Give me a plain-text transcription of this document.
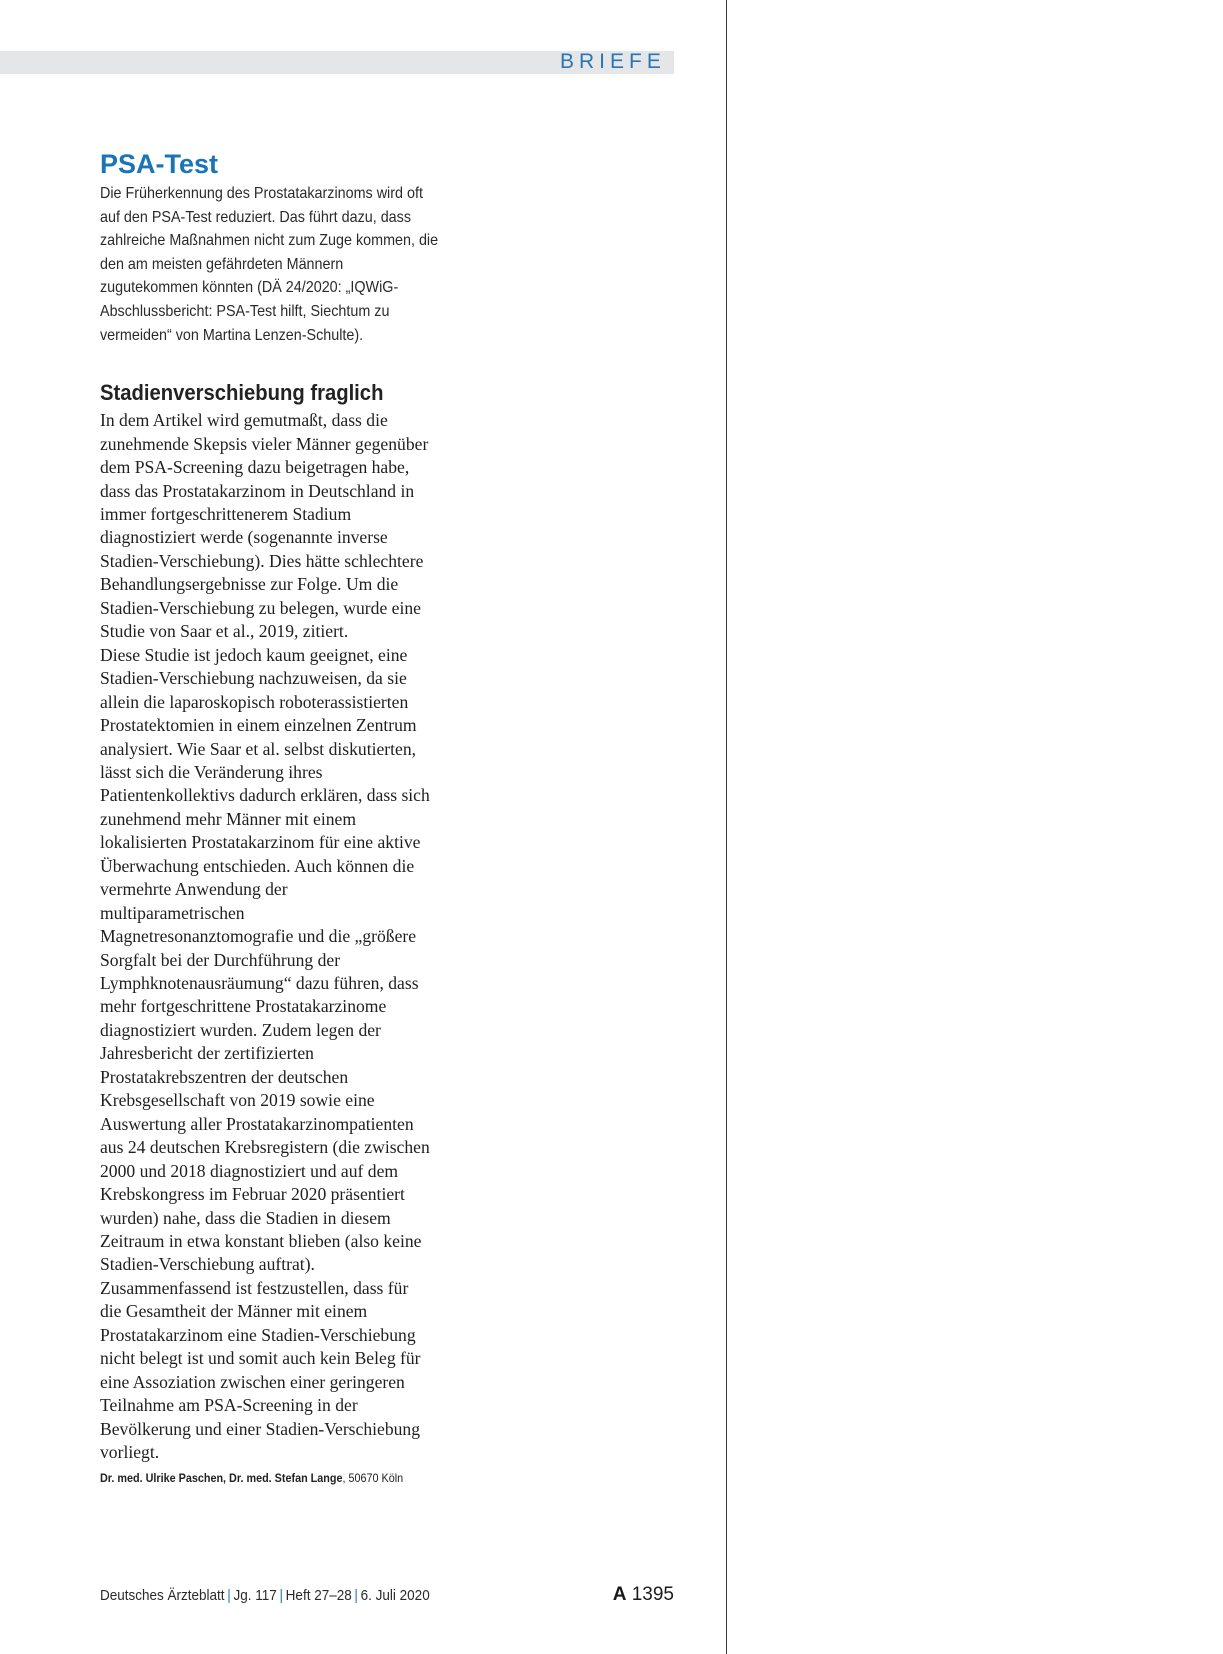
BRIEFE
PSA-Test

Die Früherkennung des Prostatakarzinoms wird oft auf den PSA-Test reduziert. Das führt dazu, dass zahlreiche Maßnahmen nicht zum Zuge kommen, die den am meisten gefährdeten Männern zugutekommen könnten (DÄ 24/2020: „IQWiG-Abschlussbericht: PSA-Test hilft, Siechtum zu vermeiden“ von Martina Lenzen-Schulte).

Stadienverschiebung fraglich

In dem Artikel wird gemutmaßt, dass die zunehmende Skepsis vieler Männer gegenüber dem PSA-Screening dazu beigetragen habe, dass das Prostatakarzinom in Deutschland in immer fortgeschrittenerem Stadium diagnostiziert werde (sogenannte inverse Stadien-Verschiebung). Dies hätte schlechtere Behandlungsergebnisse zur Folge. Um die Stadien-Verschiebung zu belegen, wurde eine Studie von Saar et al., 2019, zitiert.

Diese Studie ist jedoch kaum geeignet, eine Stadien-Verschiebung nachzuweisen, da sie allein die laparoskopisch roboterassistierten Prostatektomien in einem einzelnen Zentrum analysiert. Wie Saar et al. selbst diskutierten, lässt sich die Veränderung ihres Patientenkollektivs dadurch erklären, dass sich zunehmend mehr Männer mit einem lokalisierten Prostatakarzinom für eine aktive Überwachung entschieden. Auch können die vermehrte Anwendung der multiparametrischen Magnetresonanztomografie und die „größere Sorgfalt bei der Durchführung der Lymphknotenausräumung“ dazu führen, dass mehr fortgeschrittene Prostatakarzinome diagnostiziert wurden. Zudem legen der Jahresbericht der zertifizierten Prostatakrebszentren der deutschen Krebsgesellschaft von 2019 sowie eine Auswertung aller Prostatakarzinompatienten aus 24 deutschen Krebsregistern (die zwischen 2000 und 2018 diagnostiziert und auf dem Krebskongress im Februar 2020 präsentiert wurden) nahe, dass die Stadien in diesem Zeitraum in etwa konstant blieben (also keine Stadien-Verschiebung auftrat).

Zusammenfassend ist festzustellen, dass für die Gesamtheit der Männer mit einem Prostatakarzinom eine Stadien-Verschiebung nicht belegt ist und somit auch kein Beleg für eine Assoziation zwischen einer geringeren Teilnahme am PSA-Screening in der Bevölkerung und einer Stadien-Verschiebung vorliegt.

Dr. med. Ulrike Paschen, Dr. med. Stefan Lange, 50670 Köln

Deutsches Ärzteblatt | Jg. 117 | Heft 27–28 | 6. Juli 2020	A 1395
